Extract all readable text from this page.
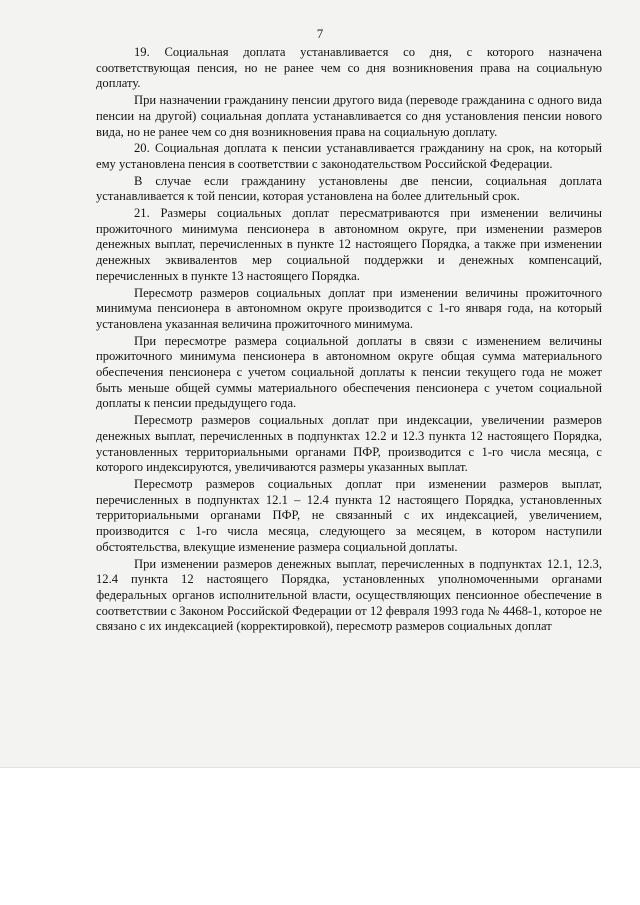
7

19. Социальная доплата устанавливается со дня, с которого назначена соответствующая пенсия, но не ранее чем со дня возникновения права на социальную доплату.

При назначении гражданину пенсии другого вида (переводе гражданина с одного вида пенсии на другой) социальная доплата устанавливается со дня установления пенсии нового вида, но не ранее чем со дня возникновения права на социальную доплату.

20. Социальная доплата к пенсии устанавливается гражданину на срок, на который ему установлена пенсия в соответствии с законодательством Российской Федерации.

В случае если гражданину установлены две пенсии, социальная доплата устанавливается к той пенсии, которая установлена на более длительный срок.

21. Размеры социальных доплат пересматриваются при изменении величины прожиточного минимума пенсионера в автономном округе, при изменении размеров денежных выплат, перечисленных в пункте 12 настоящего Порядка, а также при изменении денежных эквивалентов мер социальной поддержки и денежных компенсаций, перечисленных в пункте 13 настоящего Порядка.

Пересмотр размеров социальных доплат при изменении величины прожиточного минимума пенсионера в автономном округе производится с 1-го января года, на который установлена указанная величина прожиточного минимума.

При пересмотре размера социальной доплаты в связи с изменением величины прожиточного минимума пенсионера в автономном округе общая сумма материального обеспечения пенсионера с учетом социальной доплаты к пенсии текущего года не может быть меньше общей суммы материального обеспечения пенсионера с учетом социальной доплаты к пенсии предыдущего года.

Пересмотр размеров социальных доплат при индексации, увеличении размеров денежных выплат, перечисленных в подпунктах 12.2 и 12.3 пункта 12 настоящего Порядка, установленных территориальными органами ПФР, производится с 1-го числа месяца, с которого индексируются, увеличиваются размеры указанных выплат.

Пересмотр размеров социальных доплат при изменении размеров выплат, перечисленных в подпунктах 12.1 – 12.4 пункта 12 настоящего Порядка, установленных территориальными органами ПФР, не связанный с их индексацией, увеличением, производится с 1-го числа месяца, следующего за месяцем, в котором наступили обстоятельства, влекущие изменение размера социальной доплаты.

При изменении размеров денежных выплат, перечисленных в подпунктах 12.1, 12.3, 12.4 пункта 12 настоящего Порядка, установленных уполномоченными органами федеральных органов исполнительной власти, осуществляющих пенсионное обеспечение в соответствии с Законом Российской Федерации от 12 февраля 1993 года № 4468-1, которое не связано с их индексацией (корректировкой), пересмотр размеров социальных доплат
